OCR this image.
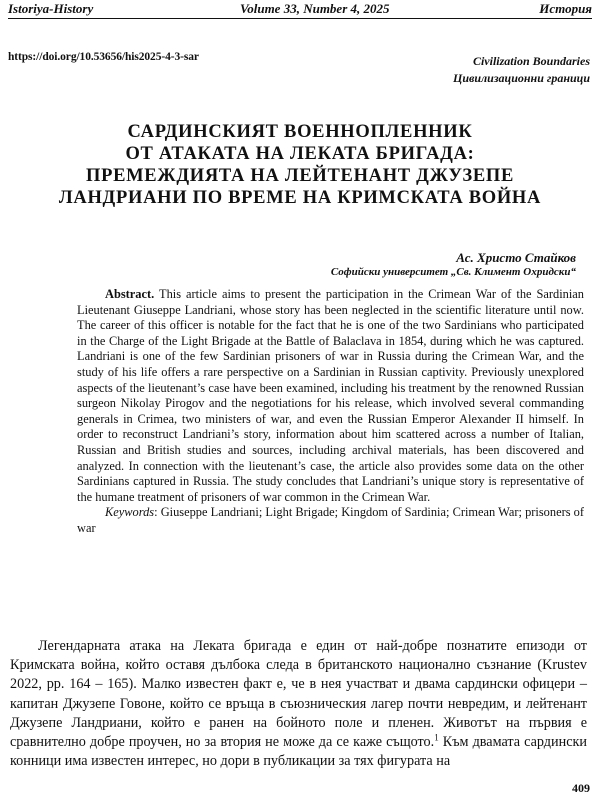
Istoriya-History	Volume 33, Number 4, 2025	История
https://doi.org/10.53656/his2025-4-3-sar	Civilization Boundaries
Цивилизационни граници
САРДИНСКИЯТ ВОЕННОПЛЕННИК
ОТ АТАКАТА НА ЛЕКАТА БРИГАДА:
ПРЕМЕЖДИЯТА НА ЛЕЙТЕНАНТ ДЖУЗЕПЕ
ЛАНДРИАНИ ПО ВРЕМЕ НА КРИМСКАТА ВОЙНА
Ас. Христо Стайков
Софийски университет „Св. Климент Охридски“

Abstract. This article aims to present the participation in the Crimean War of the Sardinian Lieutenant Giuseppe Landriani, whose story has been neglected in the scientific literature until now. The career of this officer is notable for the fact that he is one of the two Sardinians who participated in the Charge of the Light Brigade at the Battle of Balaclava in 1854, during which he was captured. Landriani is one of the few Sardinian prisoners of war in Russia during the Crimean War, and the study of his life offers a rare perspective on a Sardinian in Russian captivity. Previously unexplored aspects of the lieutenant’s case have been examined, including his treatment by the renowned Russian surgeon Nikolay Pirogov and the negotiations for his release, which involved several commanding generals in Crimea, two ministers of war, and even the Russian Emperor Alexander II himself. In order to reconstruct Landriani’s story, information about him scattered across a number of Italian, Russian and British studies and sources, including archival materials, has been discovered and analyzed. In connection with the lieutenant’s case, the article also provides some data on the other Sardinians captured in Russia. The study concludes that Landriani’s unique story is representative of the humane treatment of prisoners of war common in the Crimean War.

Keywords: Giuseppe Landriani; Light Brigade; Kingdom of Sardinia; Crimean War; prisoners of war

Легендарната атака на Леката бригада е един от най-добре познатите епизоди от Кримската война, който оставя дълбока следа в британското национално съзнание (Krustev 2022, pp. 164 – 165). Малко известен факт е, че в нея участват и двама сардински офицери – капитан Джузепе Говоне, който се връща в съюзническия лагер почти невредим, и лейтенант Джузепе Ландриани, който е ранен на бойното поле и пленен. Животът на първия е сравнително добре проучен, но за втория не може да се каже същото.$^1$ Към двамата сардински конници има известен интерес, но дори в публикации за тях фигурата на

409
